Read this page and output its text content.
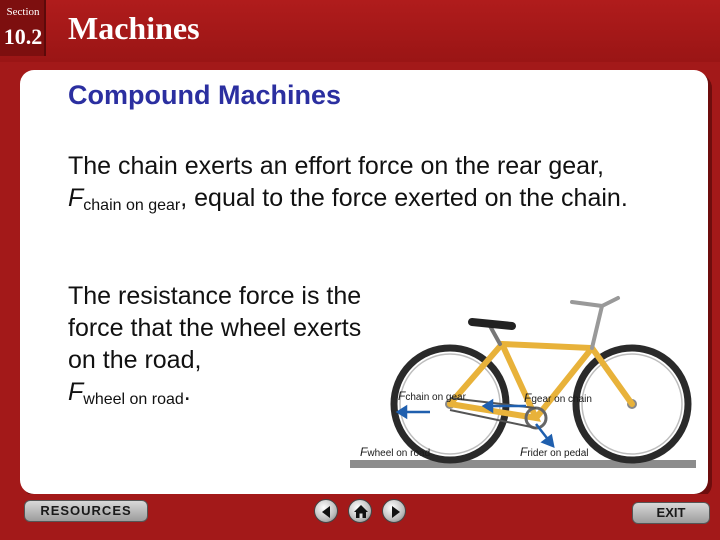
Section
10.2 Machines
Compound Machines
The chain exerts an effort force on the rear gear,
$F_{chain on gear}$, equal to the force exerted on the chain.
The resistance force is the force that the wheel exerts on the road,
$F_{wheel on road}$.	Fchain on gear	Fgear on chain
Fwheel on road	Frider on pedal
RESOURCES	EXIT
